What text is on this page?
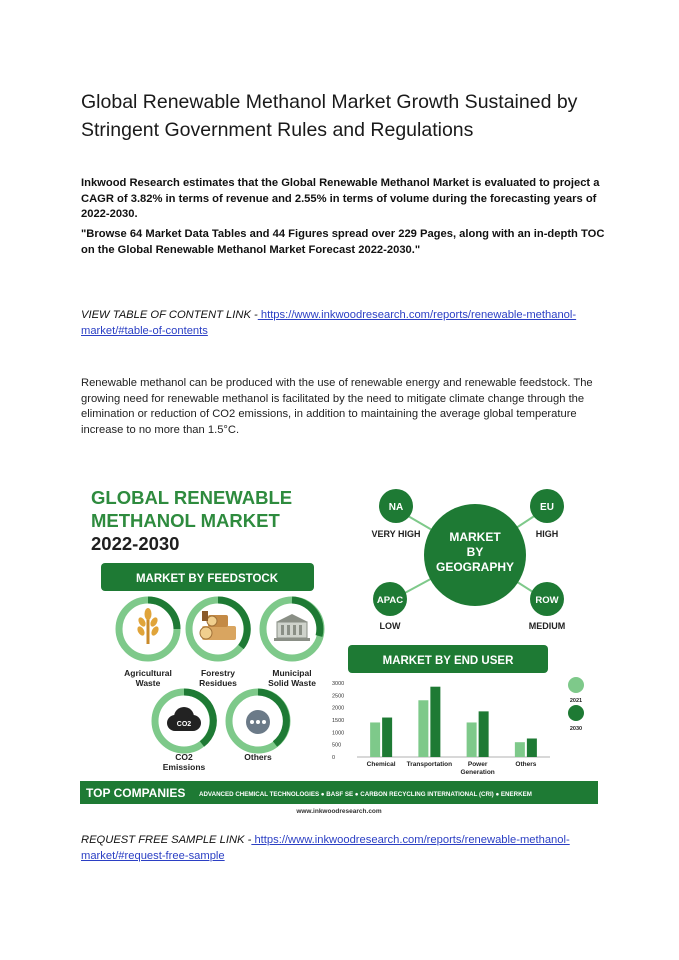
Global Renewable Methanol Market Growth Sustained by Stringent Government Rules and Regulations

Inkwood Research estimates that the Global Renewable Methanol Market is evaluated to project a CAGR of 3.82% in terms of revenue and 2.55% in terms of volume during the forecasting years of 2022-2030.

"Browse 64 Market Data Tables and 44 Figures spread over 229 Pages, along with an in-depth TOC on the Global Renewable Methanol Market Forecast 2022-2030."

VIEW TABLE OF CONTENT LINK - https://www.inkwoodresearch.com/reports/renewable-methanol-market/#table-of-contents

Renewable methanol can be produced with the use of renewable energy and renewable feedstock. The growing need for renewable methanol is facilitated by the need to mitigate climate change through the elimination or reduction of CO2 emissions, in addition to maintaining the average global temperature increase to no more than 1.5°C.

GLOBAL RENEWABLE
METHANOL MARKET
2022-2030
MARKET BY FEEDSTOCK
Agricultural
Waste
Forestry
Residues
Municipal
Solid Waste
CO2
CO2
Emissions
Others
MARKET
BY
GEOGRAPHY
NA
VERY HIGH
EU
HIGH
APAC
LOW
ROW
MEDIUM
MARKET BY END USER
0
500
1000
1500
2000
2500
3000
Chemical Transportation Power
Generation
Others
2021
2030
TOP COMPANIES ADVANCED CHEMICAL TECHNOLOGIES ● BASF SE ● CARBON RECYCLING INTERNATIONAL (CRI) ● ENERKEM
www.inkwoodresearch.com

REQUEST FREE SAMPLE LINK - https://www.inkwoodresearch.com/reports/renewable-methanol-market/#request-free-sample
